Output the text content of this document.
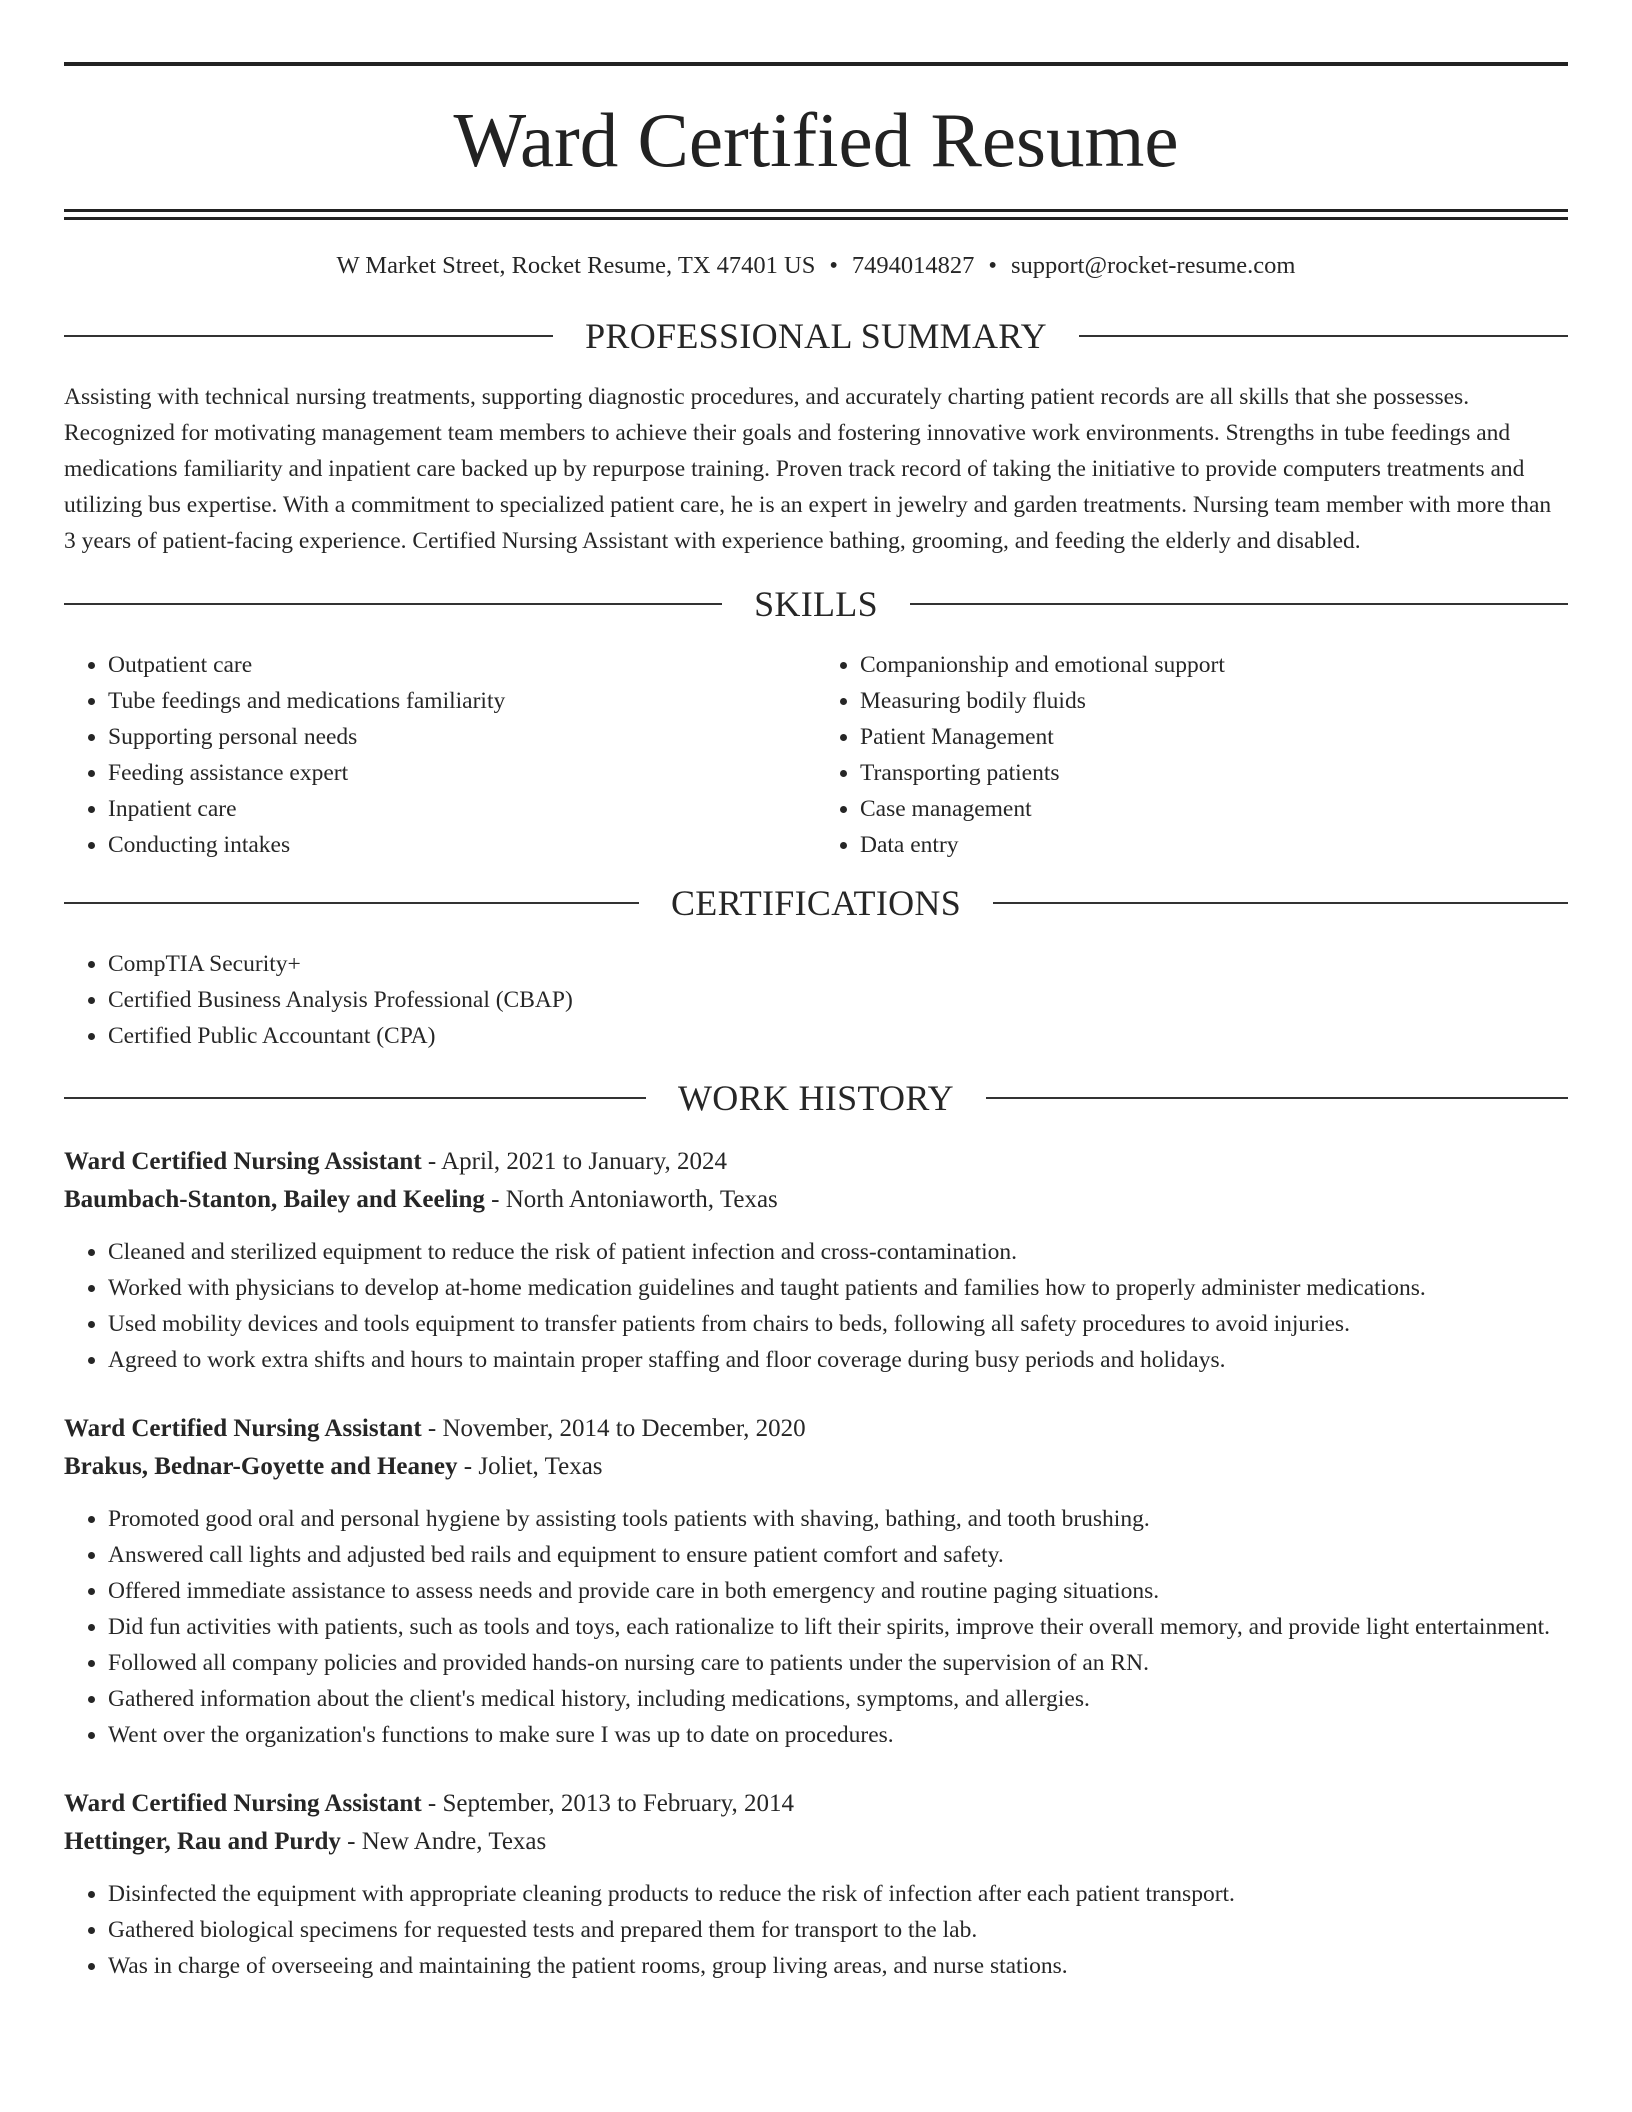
Ward Certified Resume
W Market Street, Rocket Resume, TX 47401 US • 7494014827 • support@rocket-resume.com
PROFESSIONAL SUMMARY

Assisting with technical nursing treatments, supporting diagnostic procedures, and accurately charting patient records are all skills that she possesses. Recognized for motivating management team members to achieve their goals and fostering innovative work environments. Strengths in tube feedings and medications familiarity and inpatient care backed up by repurpose training. Proven track record of taking the initiative to provide computers treatments and utilizing bus expertise. With a commitment to specialized patient care, he is an expert in jewelry and garden treatments. Nursing team member with more than 3 years of patient-facing experience. Certified Nursing Assistant with experience bathing, grooming, and feeding the elderly and disabled.

SKILLS
• Outpatient care
• Tube feedings and medications familiarity
• Supporting personal needs
• Feeding assistance expert
• Inpatient care
• Conducting intakes
• Companionship and emotional support
• Measuring bodily fluids
• Patient Management
• Transporting patients
• Case management
• Data entry
CERTIFICATIONS
• CompTIA Security+
• Certified Business Analysis Professional (CBAP)
• Certified Public Accountant (CPA)
WORK HISTORY
Ward Certified Nursing Assistant - April, 2021 to January, 2024
Baumbach-Stanton, Bailey and Keeling - North Antoniaworth, Texas
• Cleaned and sterilized equipment to reduce the risk of patient infection and cross-contamination.
• Worked with physicians to develop at-home medication guidelines and taught patients and families how to properly administer medications.
• Used mobility devices and tools equipment to transfer patients from chairs to beds, following all safety procedures to avoid injuries.
• Agreed to work extra shifts and hours to maintain proper staffing and floor coverage during busy periods and holidays.
Ward Certified Nursing Assistant - November, 2014 to December, 2020
Brakus, Bednar-Goyette and Heaney - Joliet, Texas
• Promoted good oral and personal hygiene by assisting tools patients with shaving, bathing, and tooth brushing.
• Answered call lights and adjusted bed rails and equipment to ensure patient comfort and safety.
• Offered immediate assistance to assess needs and provide care in both emergency and routine paging situations.
• Did fun activities with patients, such as tools and toys, each rationalize to lift their spirits, improve their overall memory, and provide light entertainment.
• Followed all company policies and provided hands-on nursing care to patients under the supervision of an RN.
• Gathered information about the client's medical history, including medications, symptoms, and allergies.
• Went over the organization's functions to make sure I was up to date on procedures.
Ward Certified Nursing Assistant - September, 2013 to February, 2014
Hettinger, Rau and Purdy - New Andre, Texas
• Disinfected the equipment with appropriate cleaning products to reduce the risk of infection after each patient transport.
• Gathered biological specimens for requested tests and prepared them for transport to the lab.
• Was in charge of overseeing and maintaining the patient rooms, group living areas, and nurse stations.
